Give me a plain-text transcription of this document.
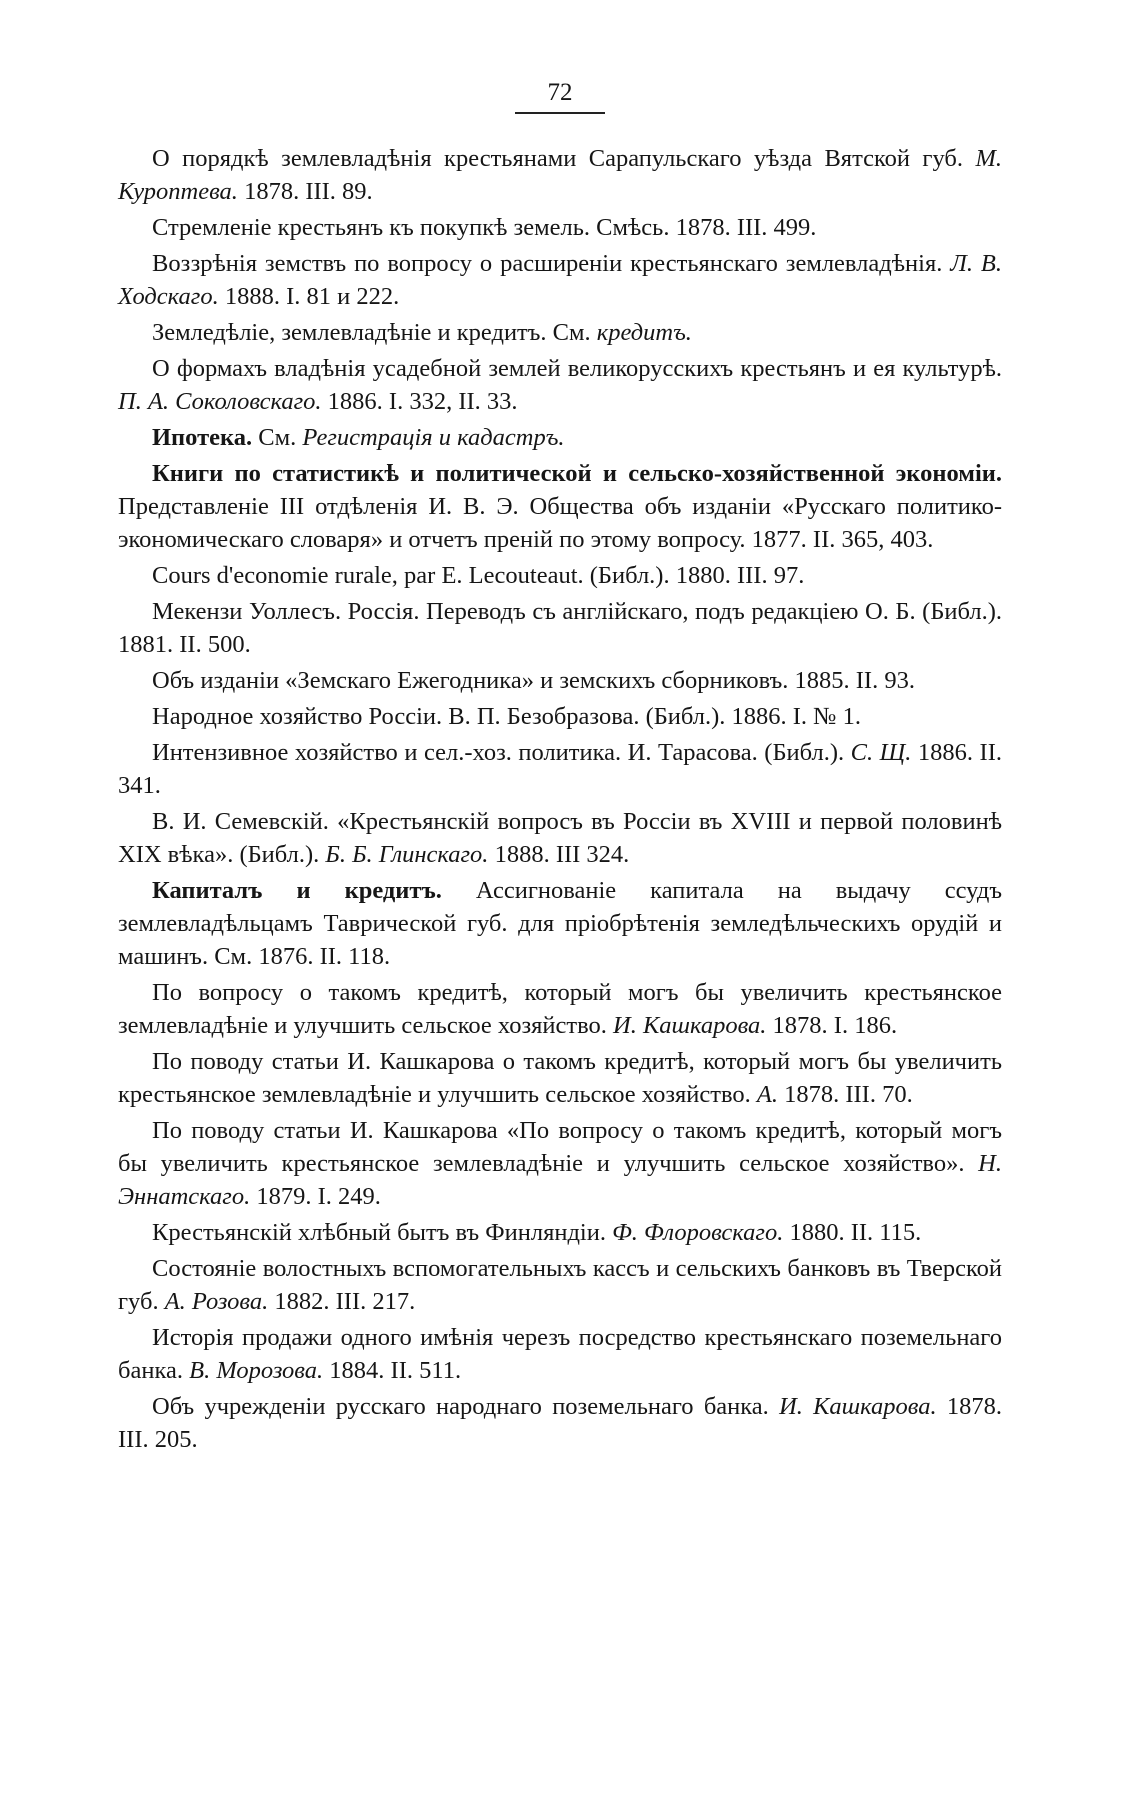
72

О порядкѣ землевладѣнія крестьянами Сарапульскаго уѣзда Вятской губ. М. Куроптева. 1878. III. 89.

Стремленіе крестьянъ къ покупкѣ земель. Смѣсь. 1878. III. 499.

Воззрѣнія земствъ по вопросу о расширеніи крестьянскаго землевладѣнія. Л. В. Ходскаго. 1888. I. 81 и 222.

Земледѣліе, землевладѣніе и кредитъ. См. кредитъ.

О формахъ владѣнія усадебной землей великорусскихъ крестьянъ и ея культурѣ. П. А. Соколовскаго. 1886. I. 332, II. 33.

Ипотека. См. Регистрація и кадастръ.

Книги по статистикѣ и политической и сельско-хозяйственной экономіи. Представленіе III отдѣленія И. В. Э. Общества объ изданіи «Русскаго политико-экономическаго словаря» и отчетъ преній по этому вопросу. 1877. II. 365, 403.

Cours d'economie rurale, par E. Lecouteaut. (Библ.). 1880. III. 97.

Мекензи Уоллесъ. Россія. Переводъ съ англійскаго, подъ редакціею О. Б. (Библ.). 1881. II. 500.

Объ изданіи «Земскаго Ежегодника» и земскихъ сборниковъ. 1885. II. 93.

Народное хозяйство Россіи. В. П. Безобразова. (Библ.). 1886. I. № 1.

Интензивное хозяйство и сел.-хоз. политика. И. Тарасова. (Библ.). С. Щ. 1886. II. 341.

В. И. Семевскій. «Крестьянскій вопросъ въ Россіи въ XVIII и первой половинѣ XIX вѣка». (Библ.). Б. Б. Глинскаго. 1888. III 324.

Капиталъ и кредитъ. Ассигнованіе капитала на выдачу ссудъ землевладѣльцамъ Таврической губ. для пріобрѣтенія земледѣльческихъ орудій и машинъ. См. 1876. II. 118.

По вопросу о такомъ кредитѣ, который могъ бы увеличить крестьянское землевладѣніе и улучшить сельское хозяйство. И. Кашкарова. 1878. I. 186.

По поводу статьи И. Кашкарова о такомъ кредитѣ, который могъ бы увеличить крестьянское землевладѣніе и улучшить сельское хозяйство. А. 1878. III. 70.

По поводу статьи И. Кашкарова «По вопросу о такомъ кредитѣ, который могъ бы увеличить крестьянское землевладѣніе и улучшить сельское хозяйство». Н. Эннатскаго. 1879. I. 249.

Крестьянскій хлѣбный бытъ въ Финляндіи. Ф. Флоровскаго. 1880. II. 115.

Состояніе волостныхъ вспомогательныхъ кассъ и сельскихъ банковъ въ Тверской губ. А. Розова. 1882. III. 217.

Исторія продажи одного имѣнія черезъ посредство крестьянскаго поземельнаго банка. В. Морозова. 1884. II. 511.

Объ учрежденіи русскаго народнаго поземельнаго банка. И. Кашкарова. 1878. III. 205.
